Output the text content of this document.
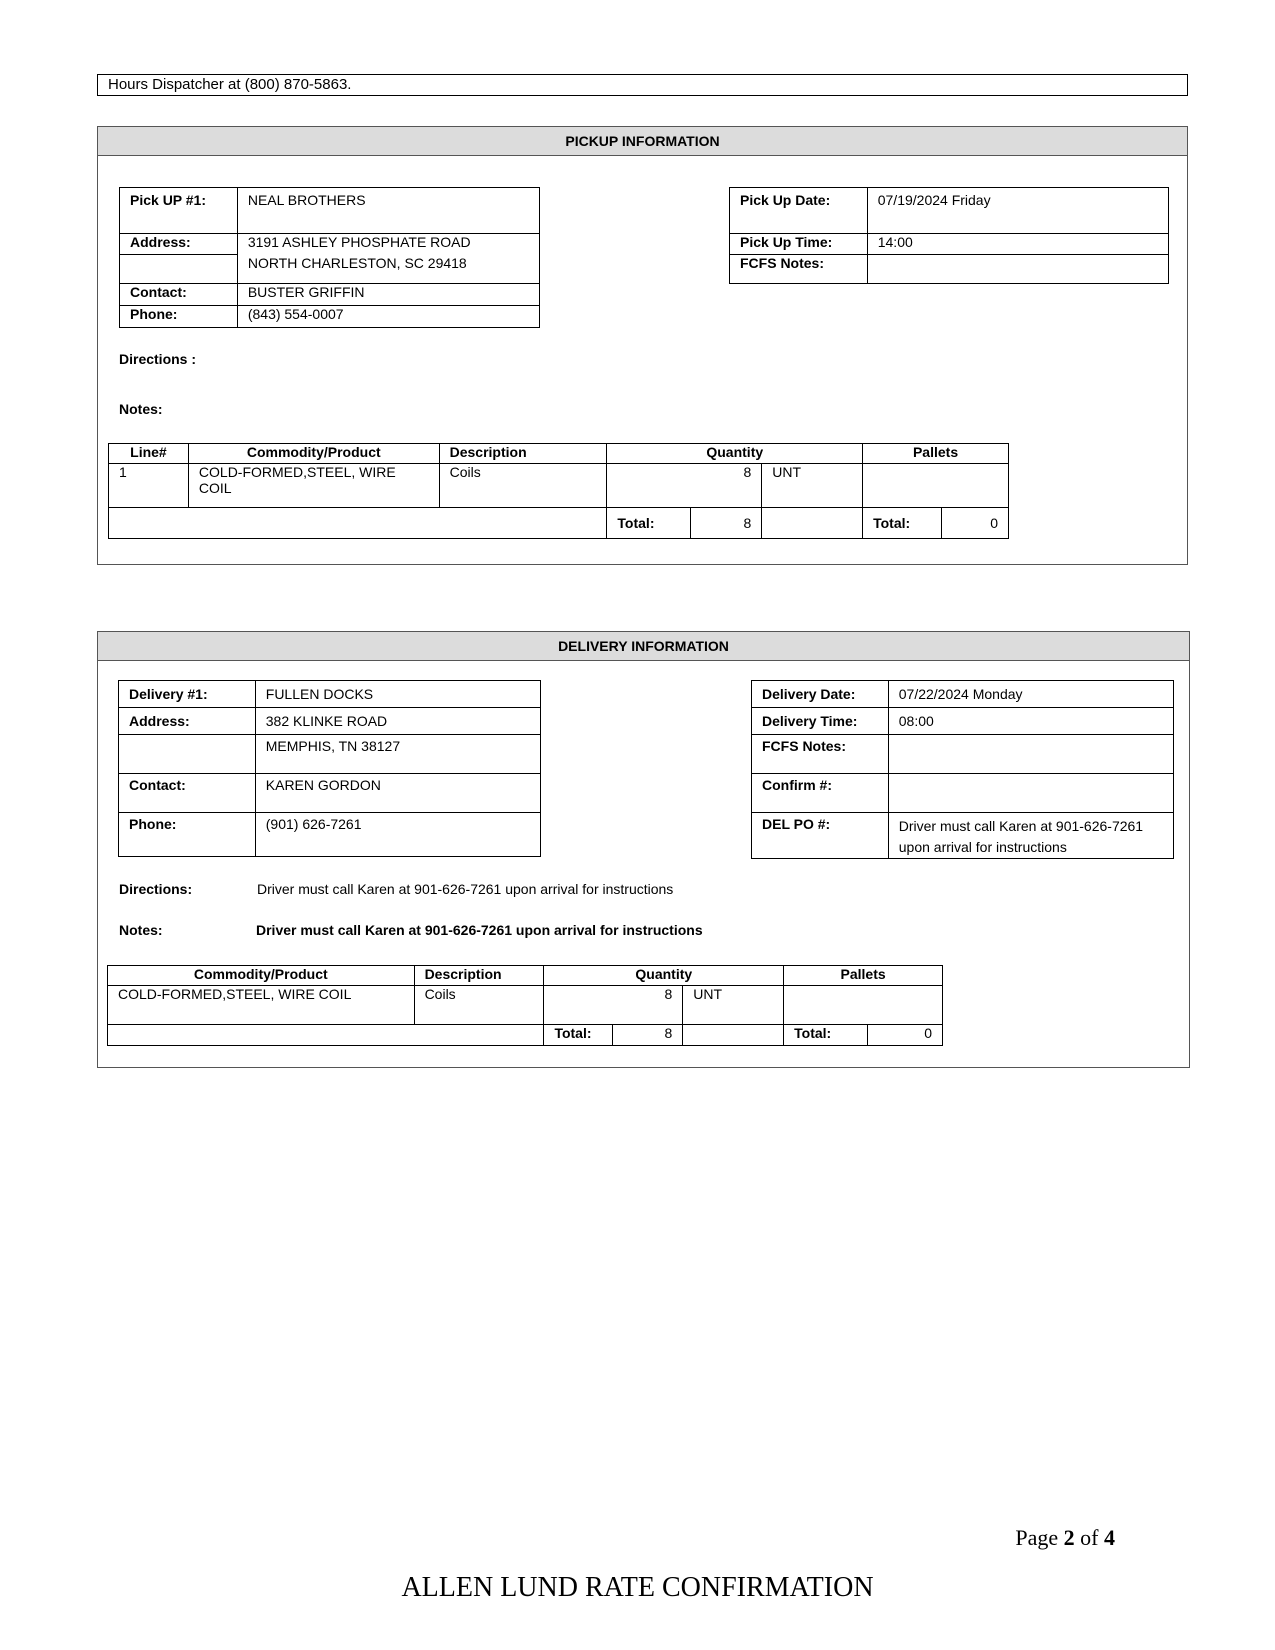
Hours Dispatcher at (800) 870-5863.
PICKUP INFORMATION
Pick UP #1:	NEAL BROTHERS
Address:	3191 ASHLEY PHOSPHATE ROAD
	NORTH CHARLESTON, SC 29418
Contact:	BUSTER GRIFFIN
Phone:	(843) 554-0007
Pick Up Date:	07/19/2024 Friday
Pick Up Time:	14:00
FCFS Notes:	
Directions :
Notes:
Line#	Commodity/Product	Description	Quantity			Pallets	
1	COLD-FORMED,STEEL, WIRE COIL	Coils	8		UNT		
			Total:	8		Total:	0
DELIVERY INFORMATION
Delivery #1:	FULLEN DOCKS
Address:	382 KLINKE ROAD
	MEMPHIS, TN 38127
Contact:	KAREN GORDON
Phone:	(901) 626-7261
Delivery Date:	07/22/2024 Monday
Delivery Time:	08:00
FCFS Notes:	
Confirm #:	
DEL PO #:	Driver must call Karen at 901-626-7261
upon arrival for instructions
Directions:	Driver must call Karen at 901-626-7261 upon arrival for instructions
Notes:	Driver must call Karen at 901-626-7261 upon arrival for instructions
Commodity/Product	Description	Quantity			Pallets	
COLD-FORMED,STEEL, WIRE COIL	Coils	8		UNT		
		Total:	8		Total:	0
Page 2 of 4
ALLEN LUND RATE CONFIRMATION
